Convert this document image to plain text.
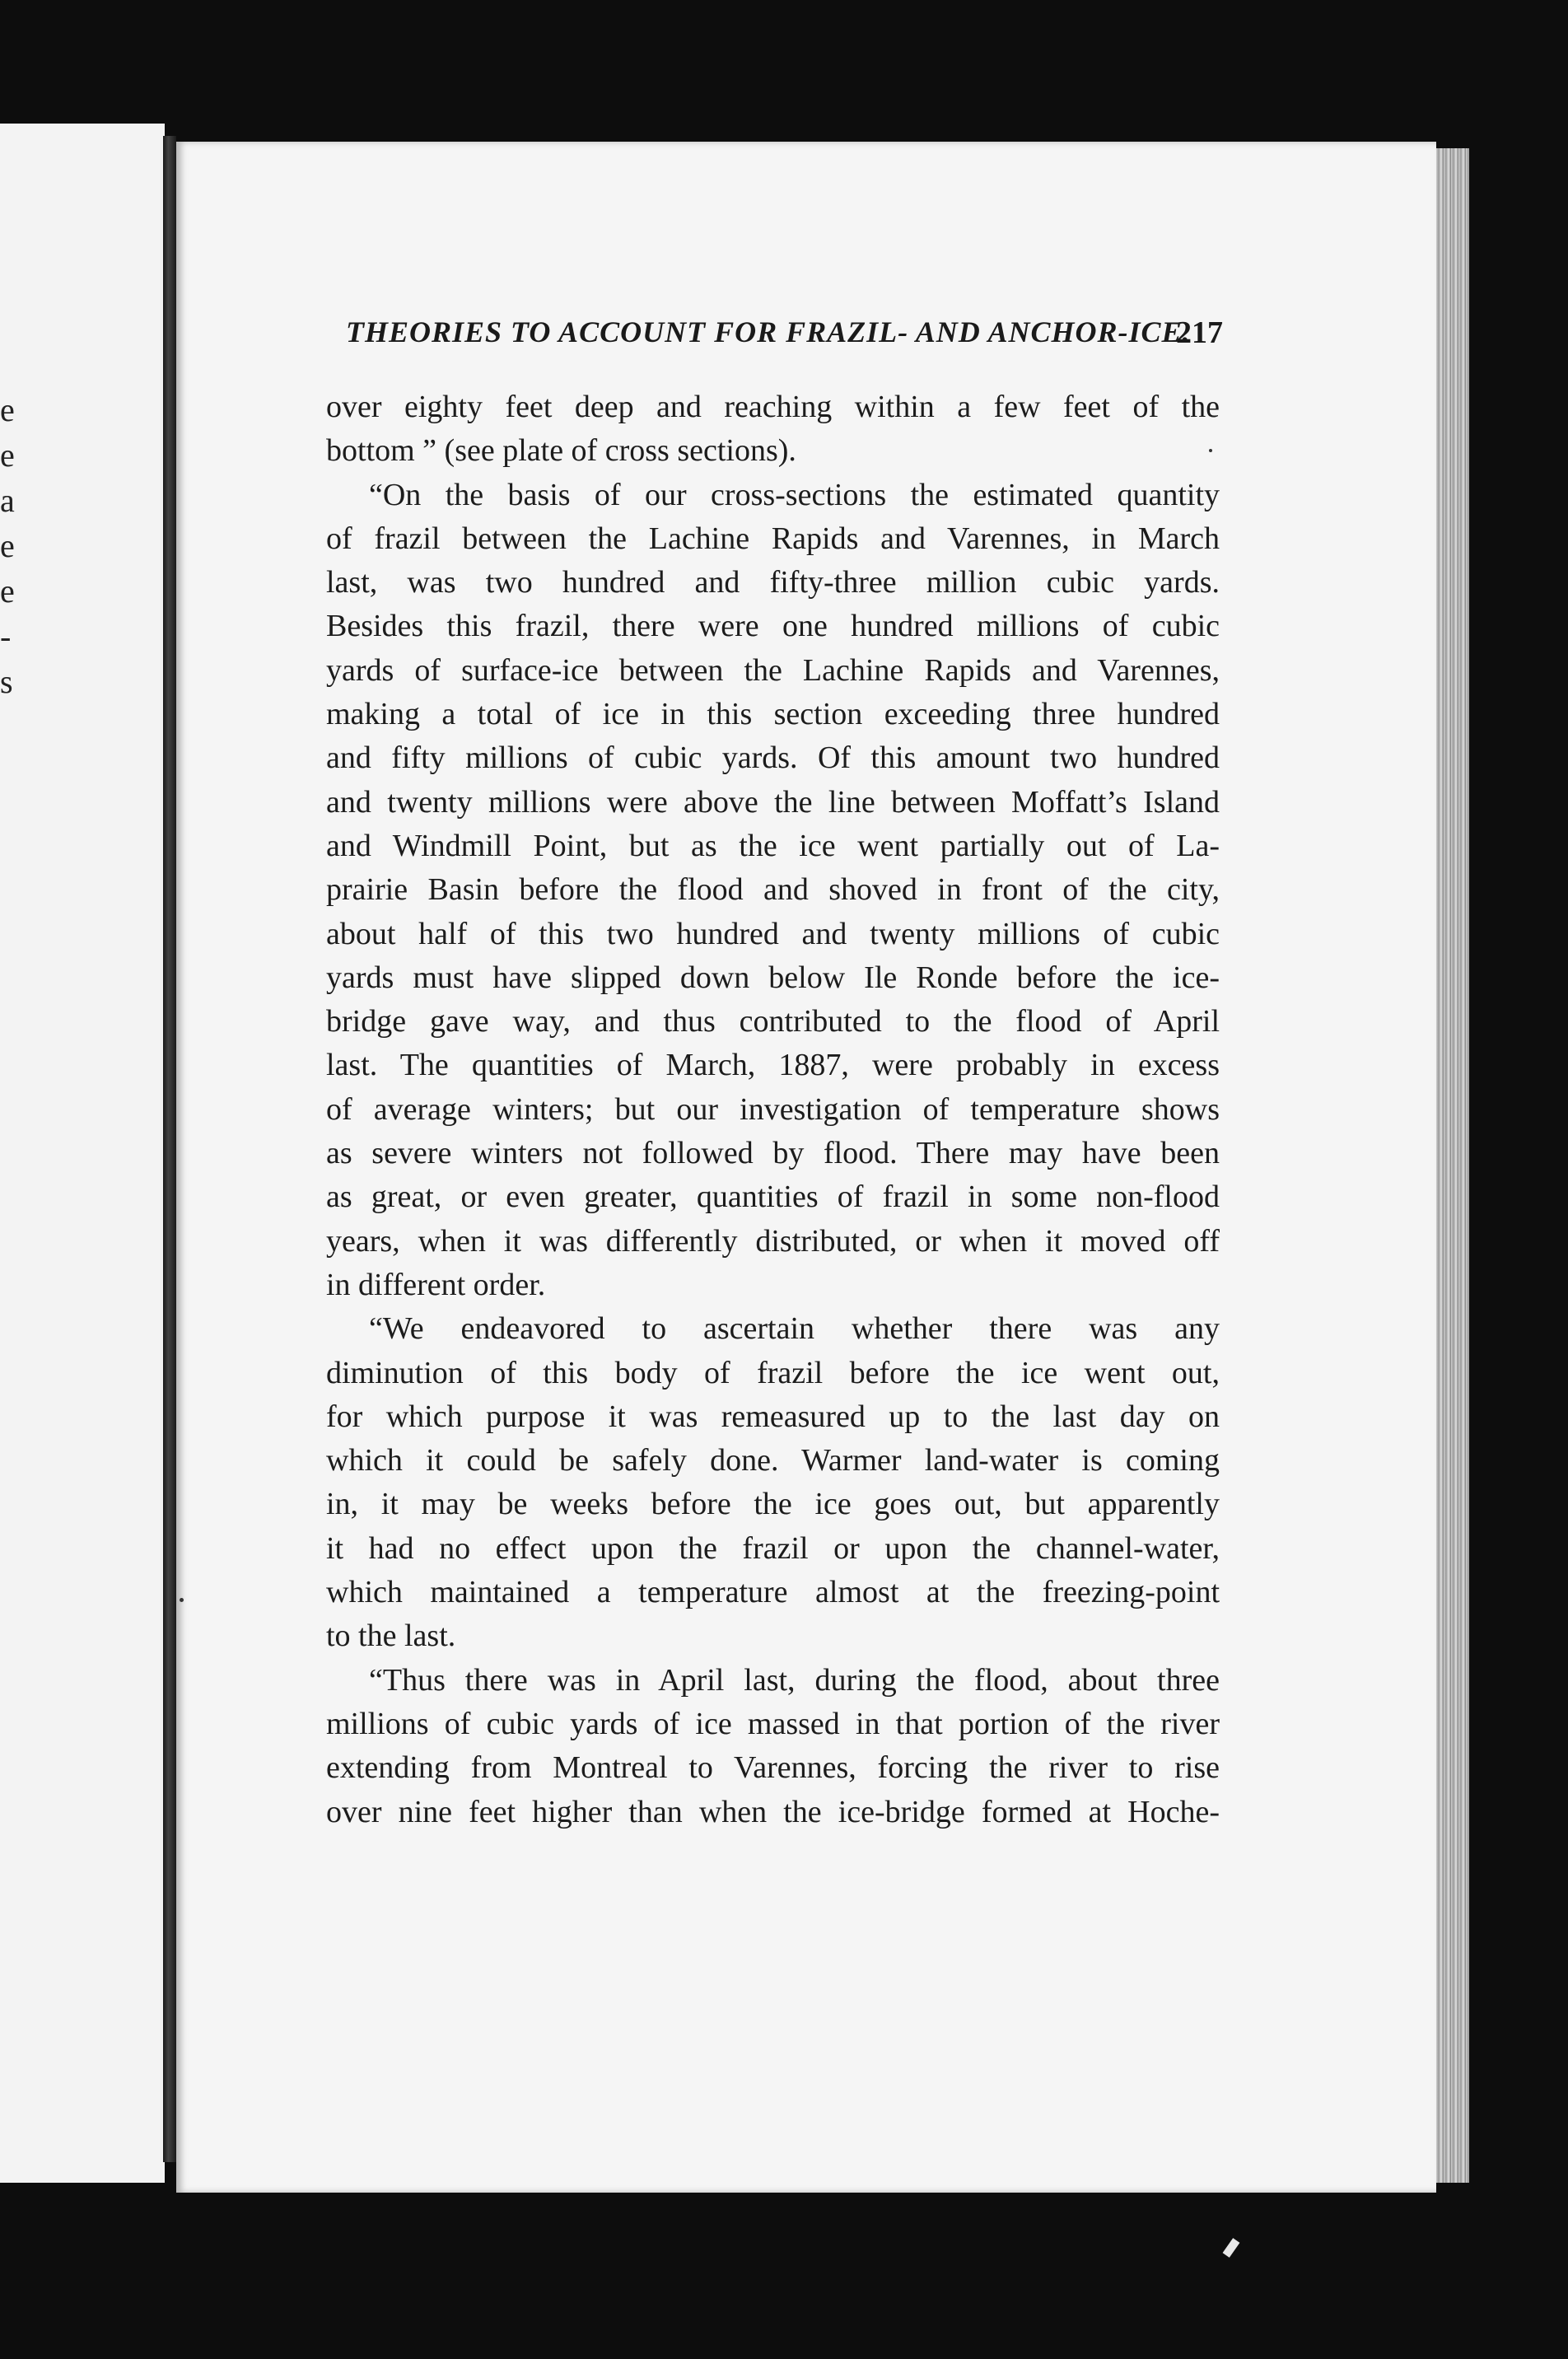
e
e
a
e
e
-
s
THEORIES TO ACCOUNT FOR FRAZIL- AND ANCHOR-ICE.
217

over eighty feet deep and reaching within a few feet of the
bottom ” (see plate of cross sections).

“On the basis of our cross-sections the estimated quantity
of frazil between the Lachine Rapids and Varennes, in March
last, was two hundred and fifty-three million cubic yards.
Besides this frazil, there were one hundred millions of cubic
yards of surface-ice between the Lachine Rapids and Varennes,
making a total of ice in this section exceeding three hundred
and fifty millions of cubic yards. Of this amount two hundred
and twenty millions were above the line between Moffatt’s Island
and Windmill Point, but as the ice went partially out of La-
prairie Basin before the flood and shoved in front of the city,
about half of this two hundred and twenty millions of cubic
yards must have slipped down below Ile Ronde before the ice-
bridge gave way, and thus contributed to the flood of April
last. The quantities of March, 1887, were probably in excess
of average winters; but our investigation of temperature shows
as severe winters not followed by flood. There may have been
as great, or even greater, quantities of frazil in some non-flood
years, when it was differently distributed, or when it moved off
in different order.

“We endeavored to ascertain whether there was any
diminution of this body of frazil before the ice went out,
for which purpose it was remeasured up to the last day on
which it could be safely done. Warmer land-water is coming
in, it may be weeks before the ice goes out, but apparently
it had no effect upon the frazil or upon the channel-water,
which maintained a temperature almost at the freezing-point
to the last.

“Thus there was in April last, during the flood, about three
millions of cubic yards of ice massed in that portion of the river
extending from Montreal to Varennes, forcing the river to rise
over nine feet higher than when the ice-bridge formed at Hoche-
